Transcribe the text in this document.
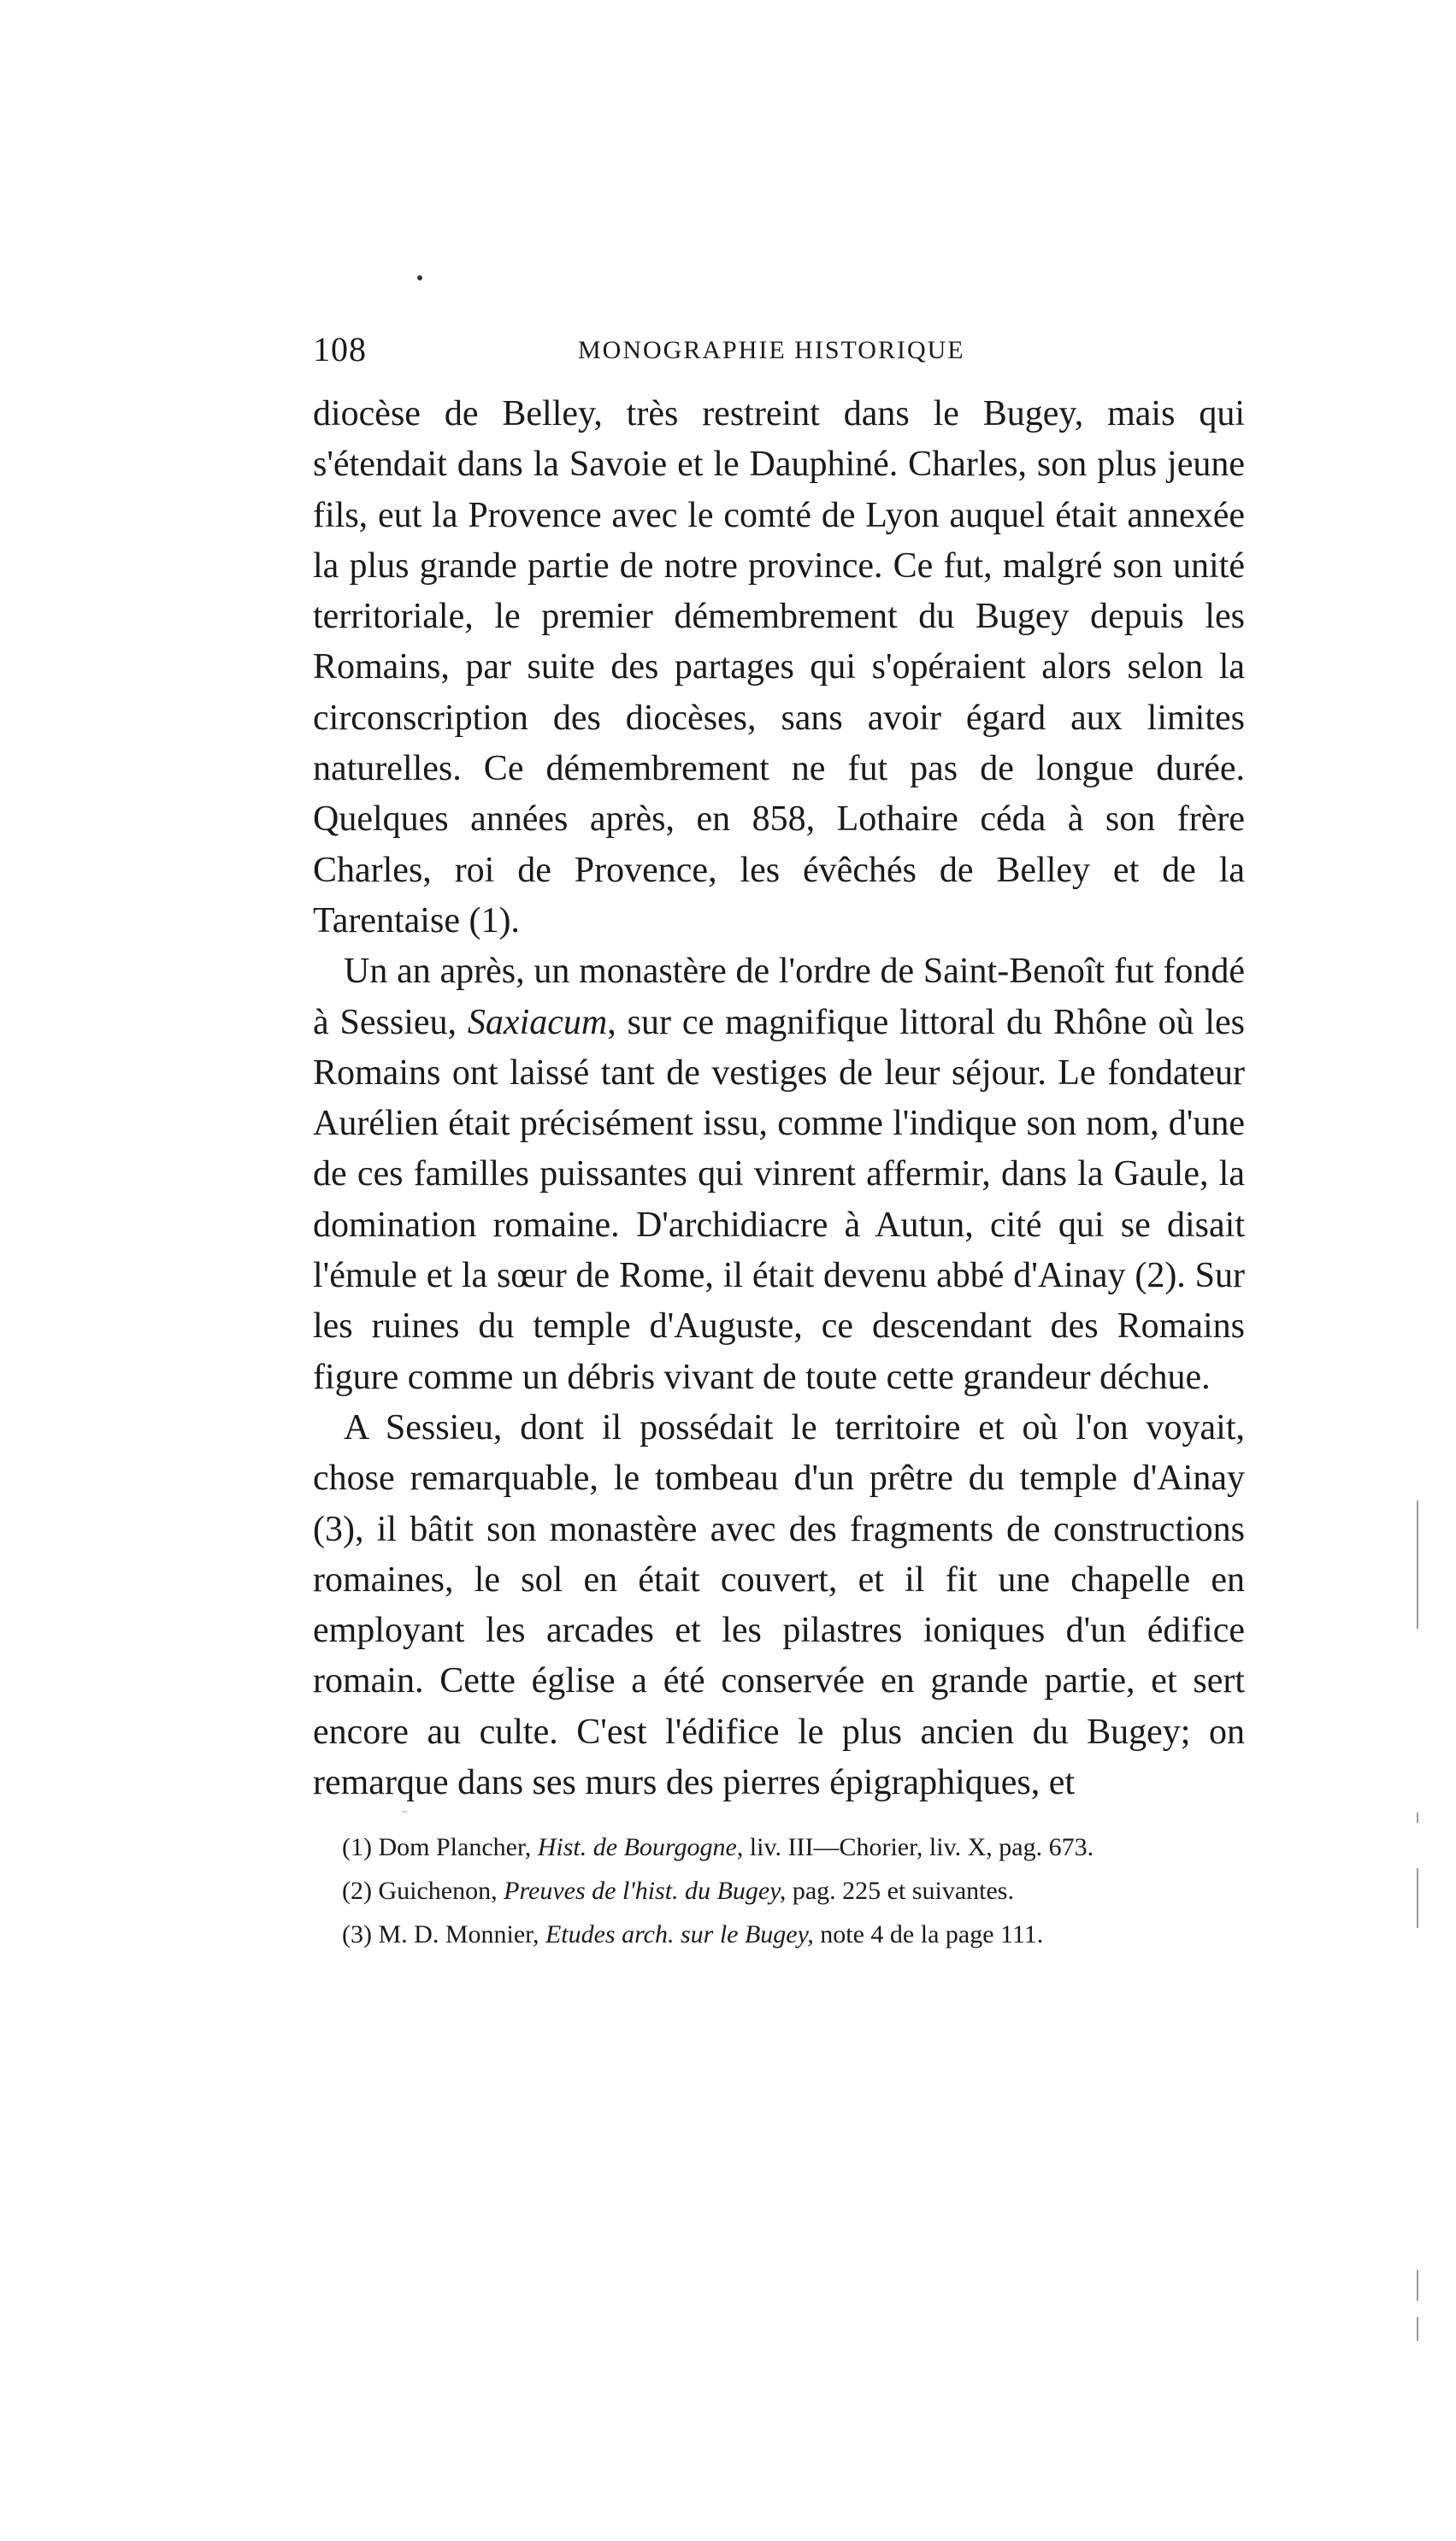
108	MONOGRAPHIE HISTORIQUE

diocèse de Belley, très restreint dans le Bugey, mais qui s'étendait dans la Savoie et le Dauphiné. Charles, son plus jeune fils, eut la Provence avec le comté de Lyon auquel était annexée la plus grande partie de notre province. Ce fut, malgré son unité territoriale, le premier démembrement du Bugey depuis les Romains, par suite des partages qui s'opéraient alors selon la circonscription des diocèses, sans avoir égard aux limites naturelles. Ce démembrement ne fut pas de longue durée. Quelques années après, en 858, Lothaire céda à son frère Charles, roi de Provence, les évêchés de Belley et de la Tarentaise (1).

Un an après, un monastère de l'ordre de Saint-Benoît fut fondé à Sessieu, Saxiacum, sur ce magnifique littoral du Rhône où les Romains ont laissé tant de vestiges de leur séjour. Le fondateur Aurélien était précisément issu, comme l'indique son nom, d'une de ces familles puissantes qui vinrent affermir, dans la Gaule, la domination romaine. D'archidiacre à Autun, cité qui se disait l'émule et la sœur de Rome, il était devenu abbé d'Ainay (2). Sur les ruines du temple d'Auguste, ce descendant des Romains figure comme un débris vivant de toute cette grandeur déchue.

A Sessieu, dont il possédait le territoire et où l'on voyait, chose remarquable, le tombeau d'un prêtre du temple d'Ainay (3), il bâtit son monastère avec des fragments de constructions romaines, le sol en était couvert, et il fit une chapelle en employant les arcades et les pilastres ioniques d'un édifice romain. Cette église a été conservée en grande partie, et sert encore au culte. C'est l'édifice le plus ancien du Bugey; on remarque dans ses murs des pierres épigraphiques, et

(1) Dom Plancher, Hist. de Bourgogne, liv. III—Chorier, liv. X, pag. 673.
(2) Guichenon, Preuves de l'hist. du Bugey, pag. 225 et suivantes.
(3) M. D. Monnier, Etudes arch. sur le Bugey, note 4 de la page 111.
